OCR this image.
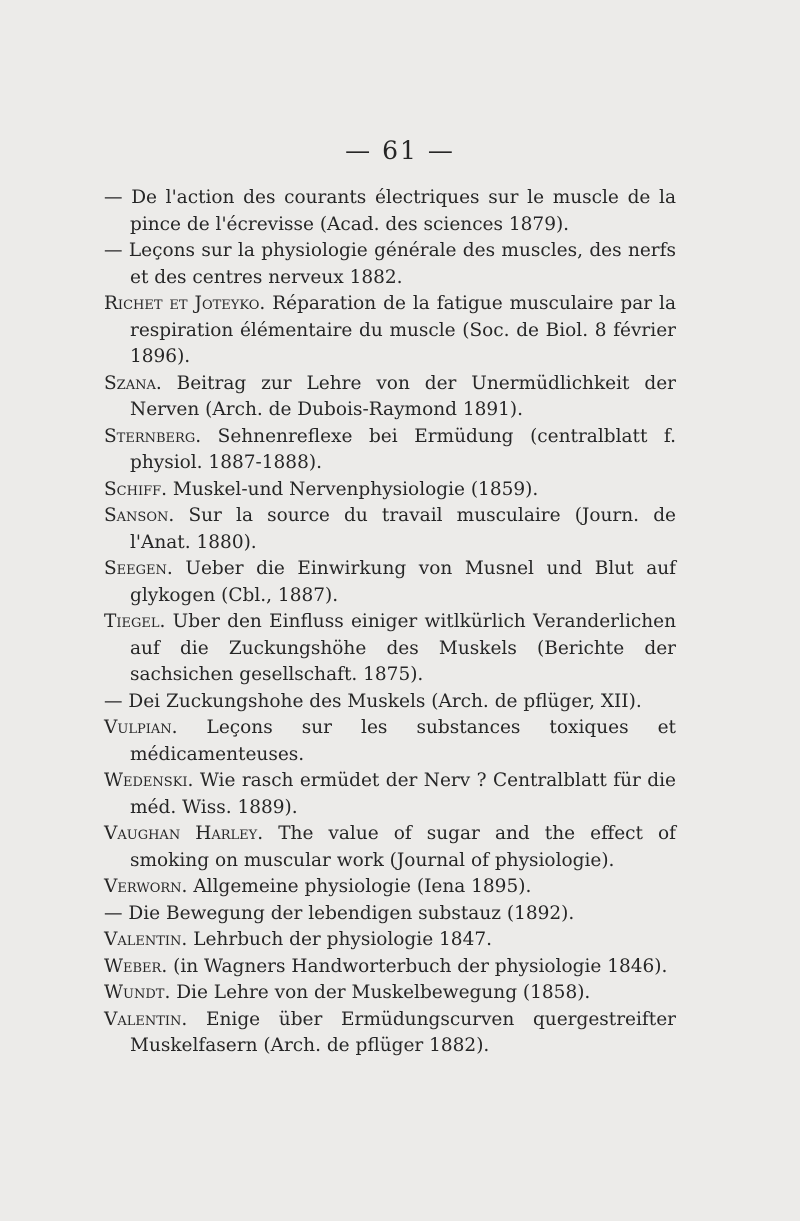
— 61 —

— De l'action des courants électriques sur le muscle de la pince de l'écrevisse (Acad. des sciences 1879).

— Leçons sur la physiologie générale des muscles, des nerfs et des centres nerveux 1882.

Richet et Joteyko. Réparation de la fatigue musculaire par la respiration élémentaire du muscle (Soc. de Biol. 8 février 1896).

Szana. Beitrag zur Lehre von der Unermüdlichkeit der Nerven (Arch. de Dubois-Raymond 1891).

Sternberg. Sehnenreflexe bei Ermüdung (centralblatt f. physiol. 1887-1888).

Schiff. Muskel-und Nervenphysiologie (1859).

Sanson. Sur la source du travail musculaire (Journ. de l'Anat. 1880).

Seegen. Ueber die Einwirkung von Musnel und Blut auf glykogen (Cbl., 1887).

Tiegel. Uber den Einfluss einiger witlkürlich Veranderlichen auf die Zuckungshöhe des Muskels (Berichte der sachsichen gesellschaft. 1875).

— Dei Zuckungshohe des Muskels (Arch. de pflüger, XII).

Vulpian. Leçons sur les substances toxiques et médicamenteuses.

Wedenski. Wie rasch ermüdet der Nerv ? Centralblatt für die méd. Wiss. 1889).

Vaughan Harley. The value of sugar and the effect of smoking on muscular work (Journal of physiologie).

Verworn. Allgemeine physiologie (Iena 1895).

— Die Bewegung der lebendigen substauz (1892).

Valentin. Lehrbuch der physiologie 1847.

Weber. (in Wagners Handworterbuch der physiologie 1846).

Wundt. Die Lehre von der Muskelbewegung (1858).

Valentin. Enige über Ermüdungscurven quergestreifter Muskelfasern (Arch. de pflüger 1882).
